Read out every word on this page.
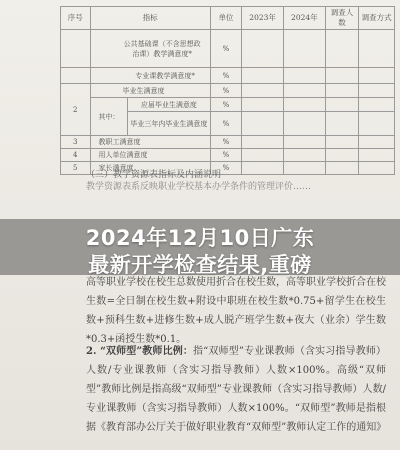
序号	指标		单位	2023年	2024年	调查人数	调查方式

	公共基础课（不含思想政治课）教学满意度*		%				

	专业课教学满意度*		%				
2	毕业生满意度		%				
	其中：	应届毕业生满意度	%				
		毕业三年内毕业生满意度	%				
3	教职工满意度		%				
4	用人单位满意度		%				
5	家长满意度		%				
（三）教学资源表指标及内涵说明
教学资源表系反映职业学校基本办学条件的管理评价……
高等职业学校在校生总数使用折合在校生数，高等职业学校折合在校生数=全日制在校生数+附设中职班在校生数*0.75+留学生在校生数+预科生数+进修生数+成人脱产班学生数+夜大（业余）学生数*0.3+函授生数*0.1。
2. “双师型”教师比例：指“双师型”专业课教师（含实习指导教师）人数/专业课教师（含实习指导教师）人数×100%。高级“双师型”教师比例是指高级“双师型”专业课教师（含实习指导教师）人数/专业课教师（含实习指导教师）人数×100%。“双师型”教师是指根据《教育部办公厅关于做好职业教育“双师型”教师认定工作的通知》
2024年12月10日广东
最新开学检查结果,重磅
